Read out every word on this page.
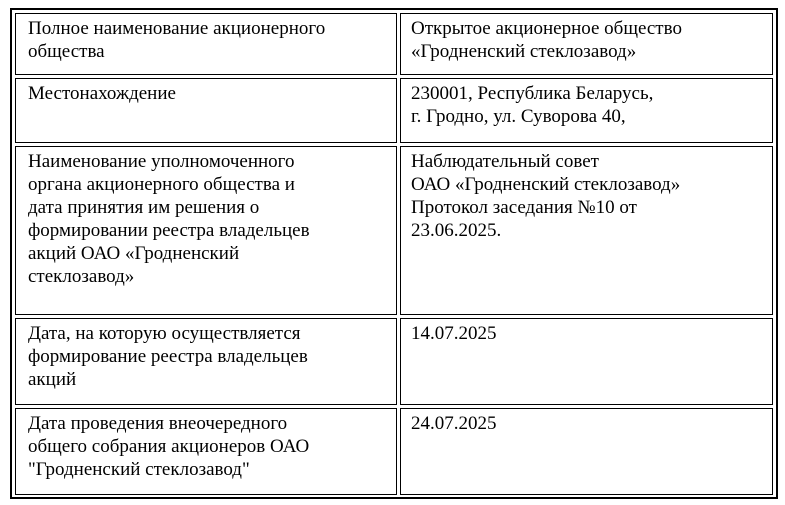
Полное наименование акционерного
общества
Открытое акционерное общество
«Гродненский стеклозавод»
Местонахождение	230001, Республика Беларусь,
г. Гродно, ул. Суворова 40,
Наименование уполномоченного
органа акционерного общества и
дата принятия им решения о
формировании реестра владельцев
акций ОАО «Гродненский
стеклозавод»
Наблюдательный совет
ОАО «Гродненский стеклозавод»
Протокол заседания №10 от
23.06.2025.
Дата, на которую осуществляется
формирование реестра владельцев
акций
14.07.2025
Дата проведения внеочередного
общего собрания акционеров ОАО
"Гродненский стеклозавод"
24.07.2025
